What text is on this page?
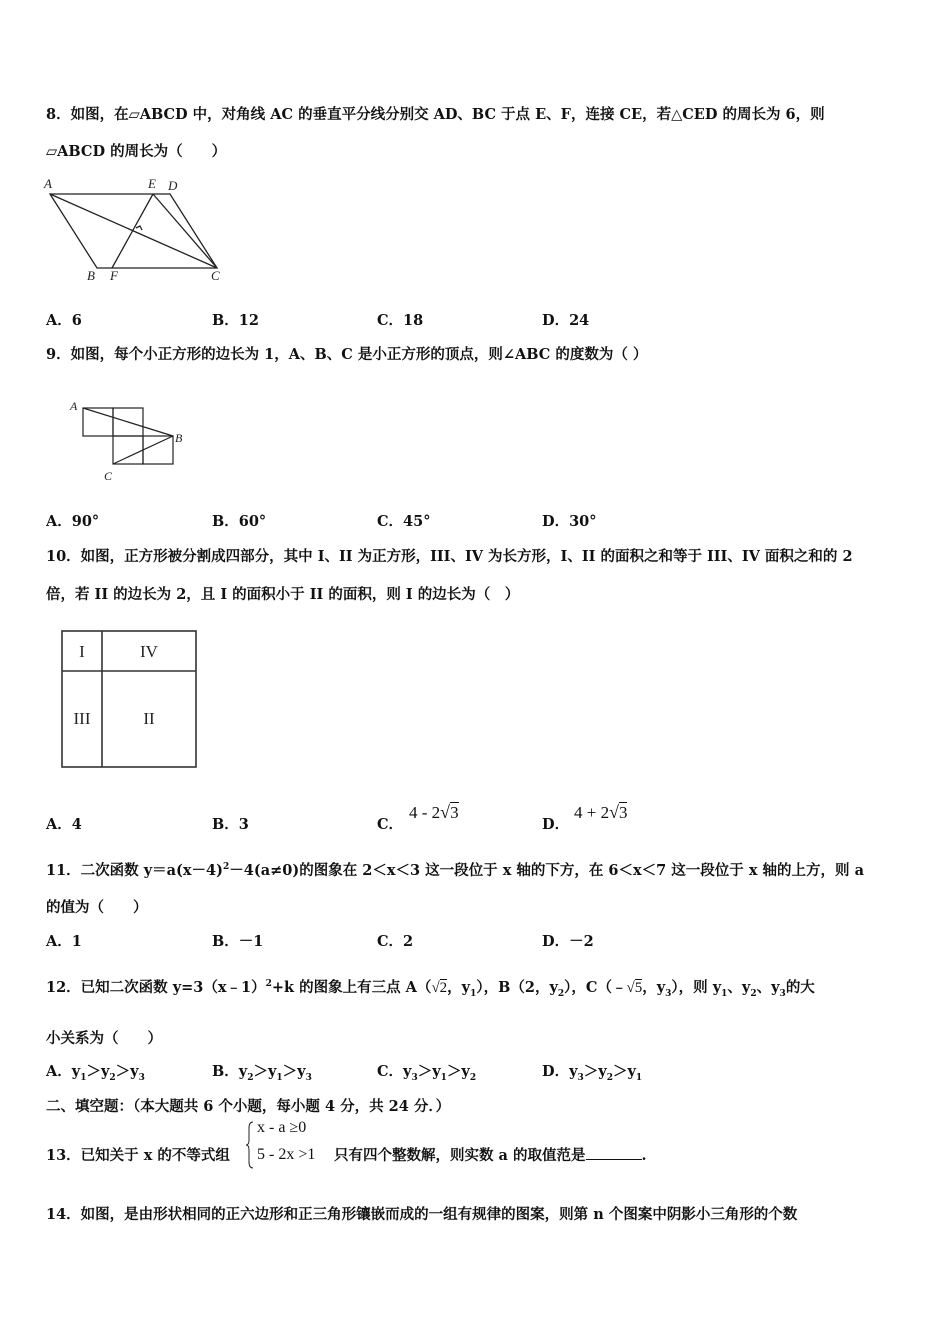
8．如图，在▱ABCD 中，对角线 AC 的垂直平分线分别交 AD、BC 于点 E、F，连接 CE，若△CED 的周长为 6，则
▱ABCD 的周长为（　　）
A	E D
B F	C
A．6	B．12	C．18	D．24
9．如图，每个小正方形的边长为 1，A、B、C 是小正方形的顶点，则∠ABC 的度数为（ ）
A
B
C
A．90°	B．60°	C．45°	D．30°
10．如图，正方形被分割成四部分，其中 I、II 为正方形，III、IV 为长方形，I、II 的面积之和等于 III、IV 面积之和的 2
倍，若 II 的边长为 2，且 I 的面积小于 II 的面积，则 I 的边长为（　）
I	IV
III	II
A．4	B．3	C．
4 - 2√3
D．
4 + 2√3
11．二次函数 $y=a(x-4)^2-4(a\ne 0)$的图象在 2＜x＜3 这一段位于 x 轴的下方，在 6＜x＜7 这一段位于 x 轴的上方，则 a
的值为（　　）
A．1	B．－1	C．2	D．－2
12．已知二次函数 y=3（x﹣1）$^2$+k 的图象上有三点 A（√2，$y_1$），B（2，$y_2$），C（﹣√5，$y_3$），则 $y_1$、$y_2$、$y_3$的大
小关系为（　　）
A．$y_1>y_2>y_3$	B．$y_2>y_1>y_3$	C．$y_3>y_1>y_2$	D．$y_3>y_2>y_1$
二、填空题：（本大题共 6 个小题，每小题 4 分，共 24 分．）
13．已知关于 x 的不等式组
x - a ≥0
5 - 2x >1 只有四个整数解，则实数 a 的取值范是	.
14．如图，是由形状相同的正六边形和正三角形镶嵌而成的一组有规律的图案，则第 n 个图案中阴影小三角形的个数
